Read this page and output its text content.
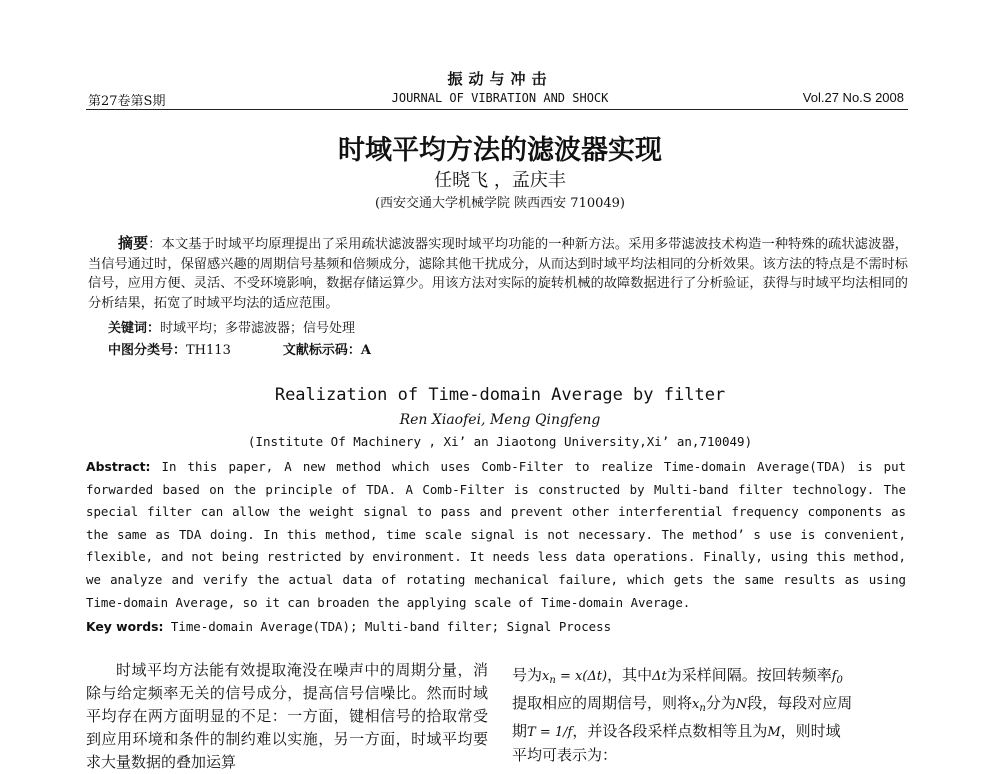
振动与冲击
第27卷第S期	JOURNAL OF VIBRATION AND SHOCK	Vol.27 No.S 2008
时域平均方法的滤波器实现
任晓飞 ，孟庆丰
(西安交通大学机械学院 陕西西安 710049)

摘要：本文基于时域平均原理提出了采用疏状滤波器实现时域平均功能的一种新方法。采用多带滤波技术构造一种特殊的疏状滤波器，当信号通过时，保留感兴趣的周期信号基频和倍频成分，滤除其他干扰成分，从而达到时域平均法相同的分析效果。该方法的特点是不需时标信号，应用方便、灵活、不受环境影响，数据存储运算少。用该方法对实际的旋转机械的故障数据进行了分析验证，获得与时域平均法相同的分析结果，拓宽了时域平均法的适应范围。

关键词：时域平均；多带滤波器；信号处理
中图分类号：TH113	文献标示码：A
Realization of Time-domain Average by filter
Ren Xiaofei, Meng Qingfeng
(Institute Of Machinery , Xi’ an Jiaotong University,Xi’ an,710049)
Abstract: In this paper, A new method which uses Comb-Filter to realize Time-domain Average(TDA) is put forwarded based on the principle of TDA. A Comb-Filter is constructed by Multi-band filter technology. The special filter can allow the weight signal to pass and prevent other interferential frequency components as the same as TDA doing. In this method, time scale signal is not necessary. The method’ s use is convenient, flexible, and not being restricted by environment. It needs less data operations. Finally, using this method, we analyze and verify the actual data of rotating mechanical failure, which gets the same results as using Time-domain Average, so it can broaden the applying scale of Time-domain Average.
Key words: Time-domain Average(TDA); Multi-band filter; Signal Process

时域平均方法能有效提取淹没在噪声中的周期分量，消除与给定频率无关的信号成分，提高信号信噪比。然而时域平均存在两方面明显的不足：一方面，键相信号的拾取常受到应用环境和条件的制约难以实施，另一方面，时域平均要求大量数据的叠加运算

号为$x_n = x(\Delta t)$，其中Δt为采样间隔。按回转频率$f_0$

提取相应的周期信号，则将$x_n$分为N段，每段对应周

期T = 1/f，并设各段采样点数相等且为M，则时域

平均可表示为：
